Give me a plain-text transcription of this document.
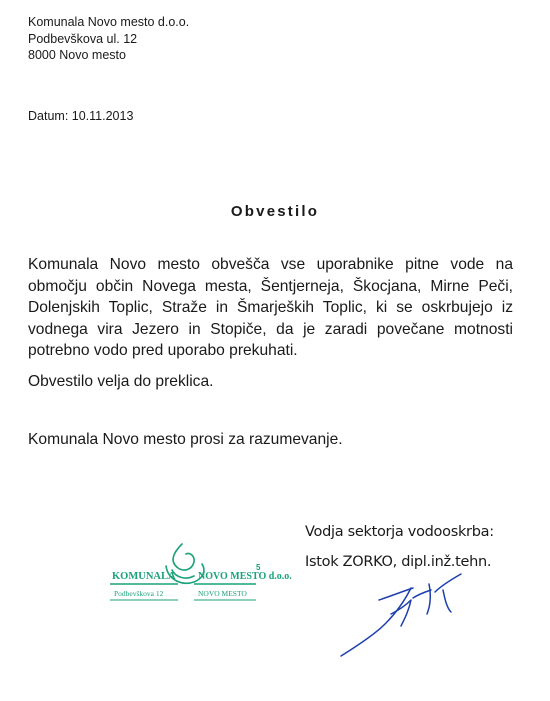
Komunala Novo mesto d.o.o.
Podbevškova ul. 12
8000 Novo mesto
Datum: 10.11.2013
Obvestilo
Komunala Novo mesto obvešča vse uporabnike pitne vode na območju občin Novega mesta, Šentjerneja, Škocjana, Mirne Peči, Dolenjskih Toplic, Straže in Šmarjeških Toplic, ki se oskrbujejo iz vodnega vira Jezero in Stopiče, da je zaradi povečane motnosti potrebno vodo pred uporabo prekuhati.
Obvestilo velja do preklica.
Komunala Novo mesto prosi za razumevanje.
Vodja sektorja vodooskrba:
Istok ZORKO, dipl.inž.tehn.
KOMUNALA NOVO MESTO d.o.o.
5
Podbevškova 12	NOVO MESTO
